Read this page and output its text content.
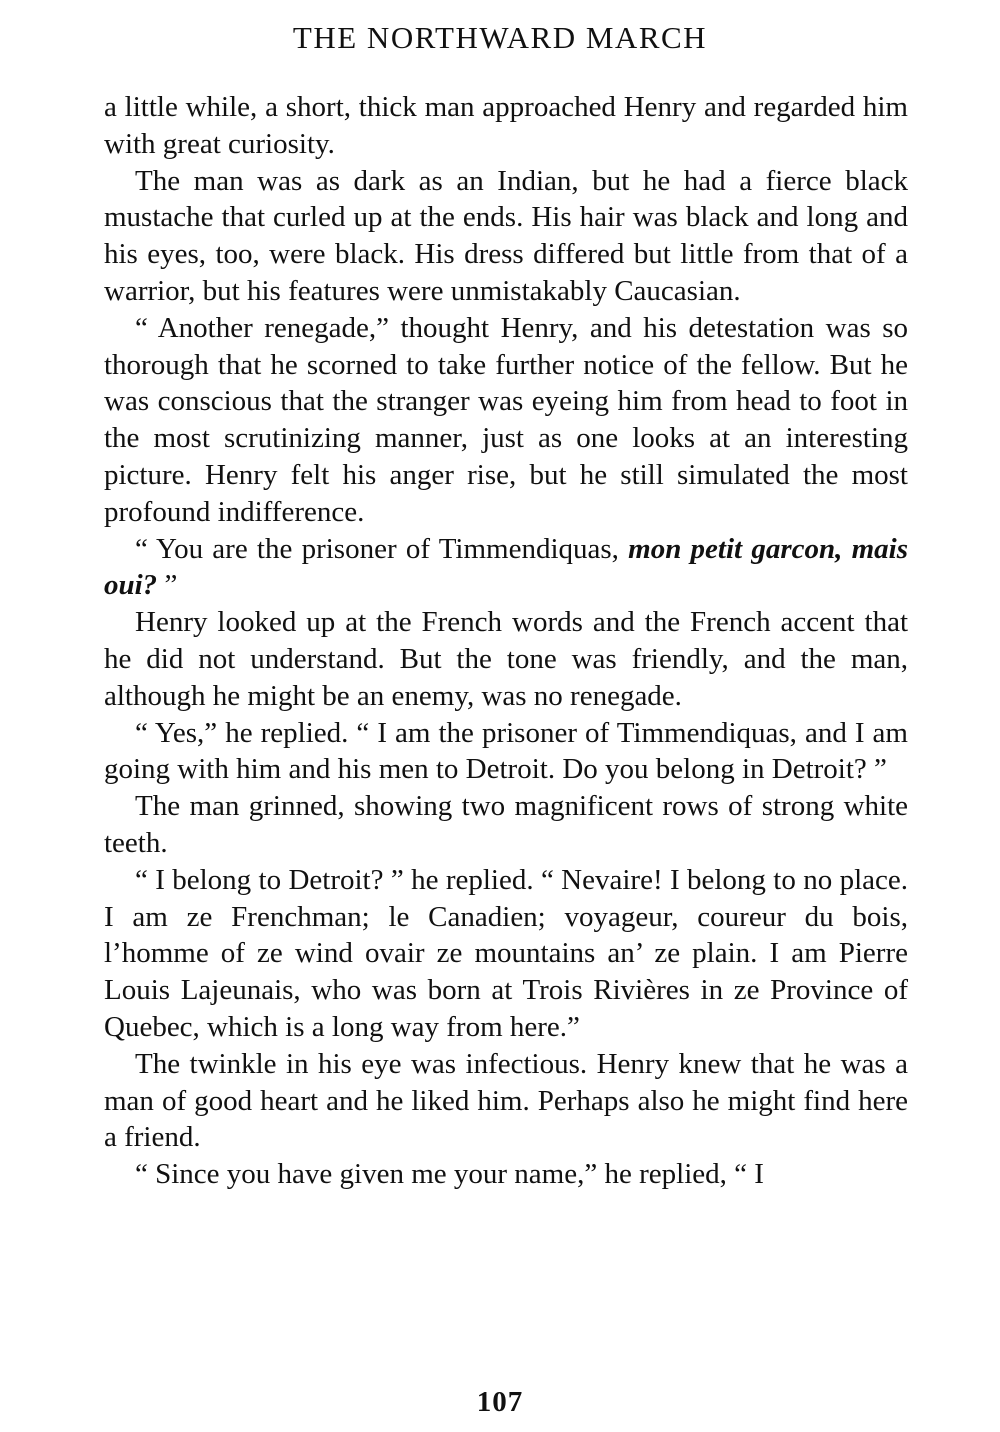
THE NORTHWARD MARCH

a little while, a short, thick man approached Henry and regarded him with great curiosity.

The man was as dark as an Indian, but he had a fierce black mustache that curled up at the ends. His hair was black and long and his eyes, too, were black. His dress differed but little from that of a warrior, but his features were unmistakably Caucasian.

“ Another renegade,” thought Henry, and his detestation was so thorough that he scorned to take further notice of the fellow. But he was conscious that the stranger was eyeing him from head to foot in the most scrutinizing manner, just as one looks at an interesting picture. Henry felt his anger rise, but he still simulated the most profound indifference.

“ You are the prisoner of Timmendiquas, mon petit garcon, mais oui? ”

Henry looked up at the French words and the French accent that he did not understand. But the tone was friendly, and the man, although he might be an enemy, was no renegade.

“ Yes,” he replied. “ I am the prisoner of Timmendiquas, and I am going with him and his men to Detroit. Do you belong in Detroit? ”

The man grinned, showing two magnificent rows of strong white teeth.

“ I belong to Detroit? ” he replied. “ Nevaire! I belong to no place. I am ze Frenchman; le Canadien; voyageur, coureur du bois, l’homme of ze wind ovair ze mountains an’ ze plain. I am Pierre Louis Lajeunais, who was born at Trois Rivières in ze Province of Quebec, which is a long way from here.”

The twinkle in his eye was infectious. Henry knew that he was a man of good heart and he liked him. Perhaps also he might find here a friend.

“ Since you have given me your name,” he replied, “ I

107
